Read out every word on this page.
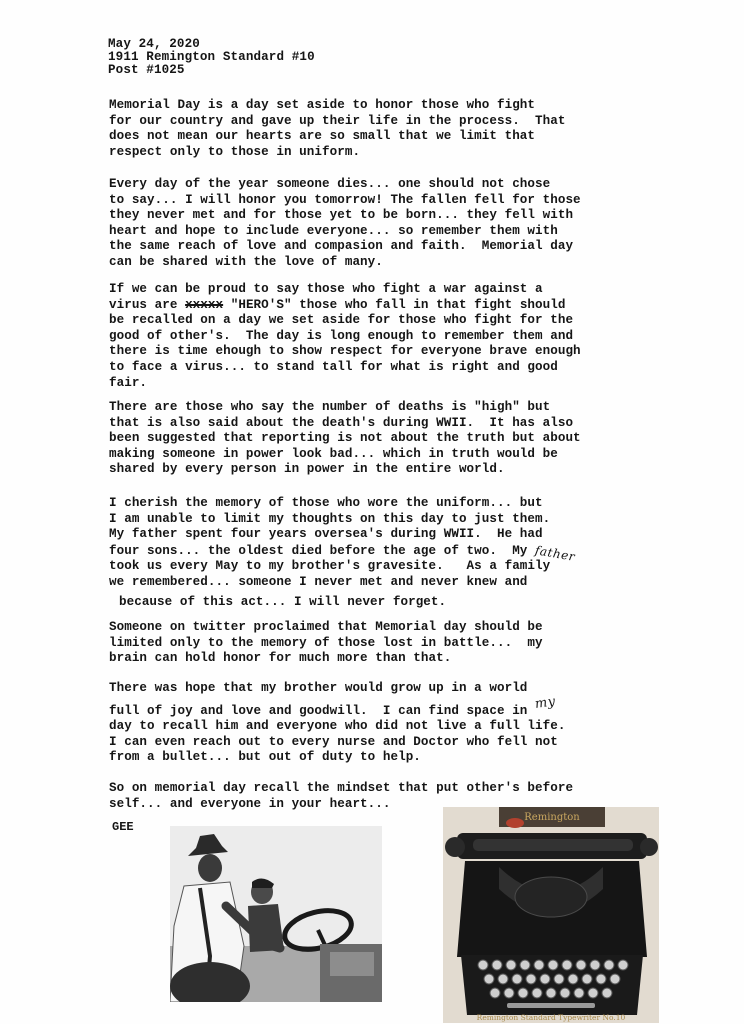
May 24, 2020
1911 Remington Standard #10
Post #1025
Memorial Day is a day set aside to honor those who fight
for our country and gave up their life in the process.  That
does not mean our hearts are so small that we limit that
respect only to those in uniform.
Every day of the year someone dies... one should not chose
to say... I will honor you tomorrow! The fallen fell for those
they never met and for those yet to be born... they fell with
heart and hope to include everyone... so remember them with
the same reach of love and compasion and faith.  Memorial day
can be shared with the love of many.
If we can be proud to say those who fight a war against a
virus are xxxxx "HERO'S" those who fall in that fight should
be recalled on a day we set aside for those who fight for the
good of other's.  The day is long enough to remember them and
there is time ehough to show respect for everyone brave enough
to face a virus... to stand tall for what is right and good
fair.
There are those who say the number of deaths is "high" but
that is also said about the death's during WWII.  It has also
been suggested that reporting is not about the truth but about
making someone in power look bad... which in truth would be
shared by every person in power in the entire world.
I cherish the memory of those who wore the uniform... but
I am unable to limit my thoughts on this day to just them.
My father spent four years oversea's during WWII.  He had
four sons... the oldest died before the age of two.  My father
took us every May to my brother's gravesite.   As a family
we remembered... someone I never met and never knew and
because of this act... I will never forget.
Someone on twitter proclaimed that Memorial day should be
limited only to the memory of those lost in battle...  my
brain can hold honor for much more than that.
There was hope that my brother would grow up in a world
full of joy and love and goodwill.  I can find space in my
day to recall him and everyone who did not live a full life.
I can even reach out to every nurse and Doctor who fell not
from a bullet... but out of duty to help.
So on memorial day recall the mindset that put other's before
self... and everyone in your heart...
GEE
Remington
Remington Standard Typewriter No.10
